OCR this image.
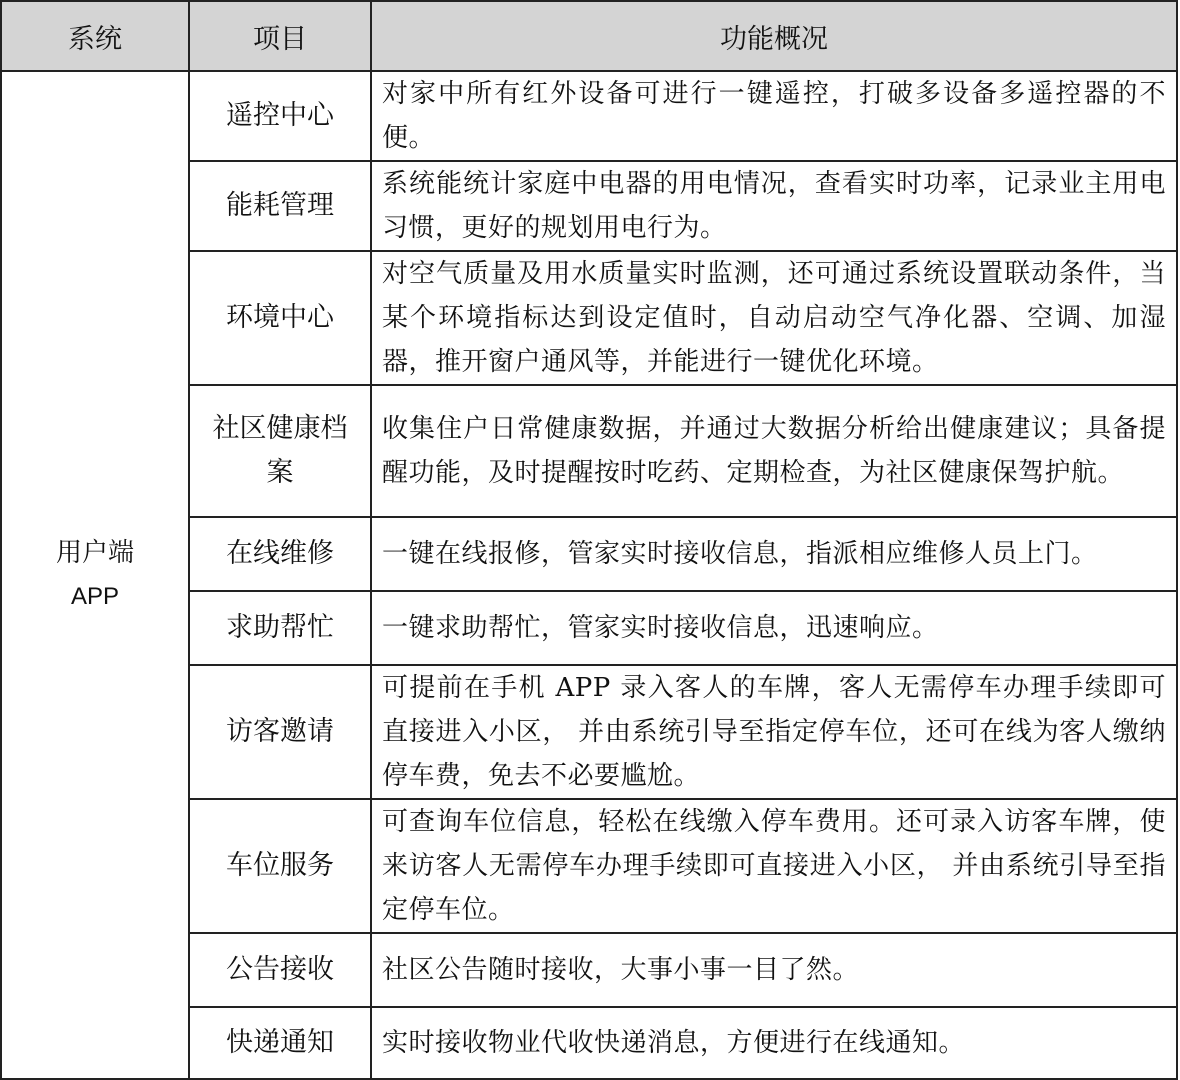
系统	项目	功能概况

用户端
APP	遥控中心	对家中所有红外设备可进行一键遥控，打破多设备多遥控器的不便。
	能耗管理	系统能统计家庭中电器的用电情况，查看实时功率，记录业主用电习惯，更好的规划用电行为。
	环境中心	对空气质量及用水质量实时监测，还可通过系统设置联动条件，当某个环境指标达到设定值时，自动启动空气净化器、空调、加湿器，推开窗户通风等，并能进行一键优化环境。
	社区健康档案	收集住户日常健康数据，并通过大数据分析给出健康建议；具备提醒功能，及时提醒按时吃药、定期检查，为社区健康保驾护航。
	在线维修	一键在线报修，管家实时接收信息，指派相应维修人员上门。
	求助帮忙	一键求助帮忙，管家实时接收信息，迅速响应。
	访客邀请	可提前在手机 APP 录入客人的车牌，客人无需停车办理手续即可直接进入小区， 并由系统引导至指定停车位，还可在线为客人缴纳停车费，免去不必要尴尬。
	车位服务	可查询车位信息，轻松在线缴入停车费用。还可录入访客车牌，使来访客人无需停车办理手续即可直接进入小区， 并由系统引导至指定停车位。
	公告接收	社区公告随时接收，大事小事一目了然。
	快递通知	实时接收物业代收快递消息，方便进行在线通知。
